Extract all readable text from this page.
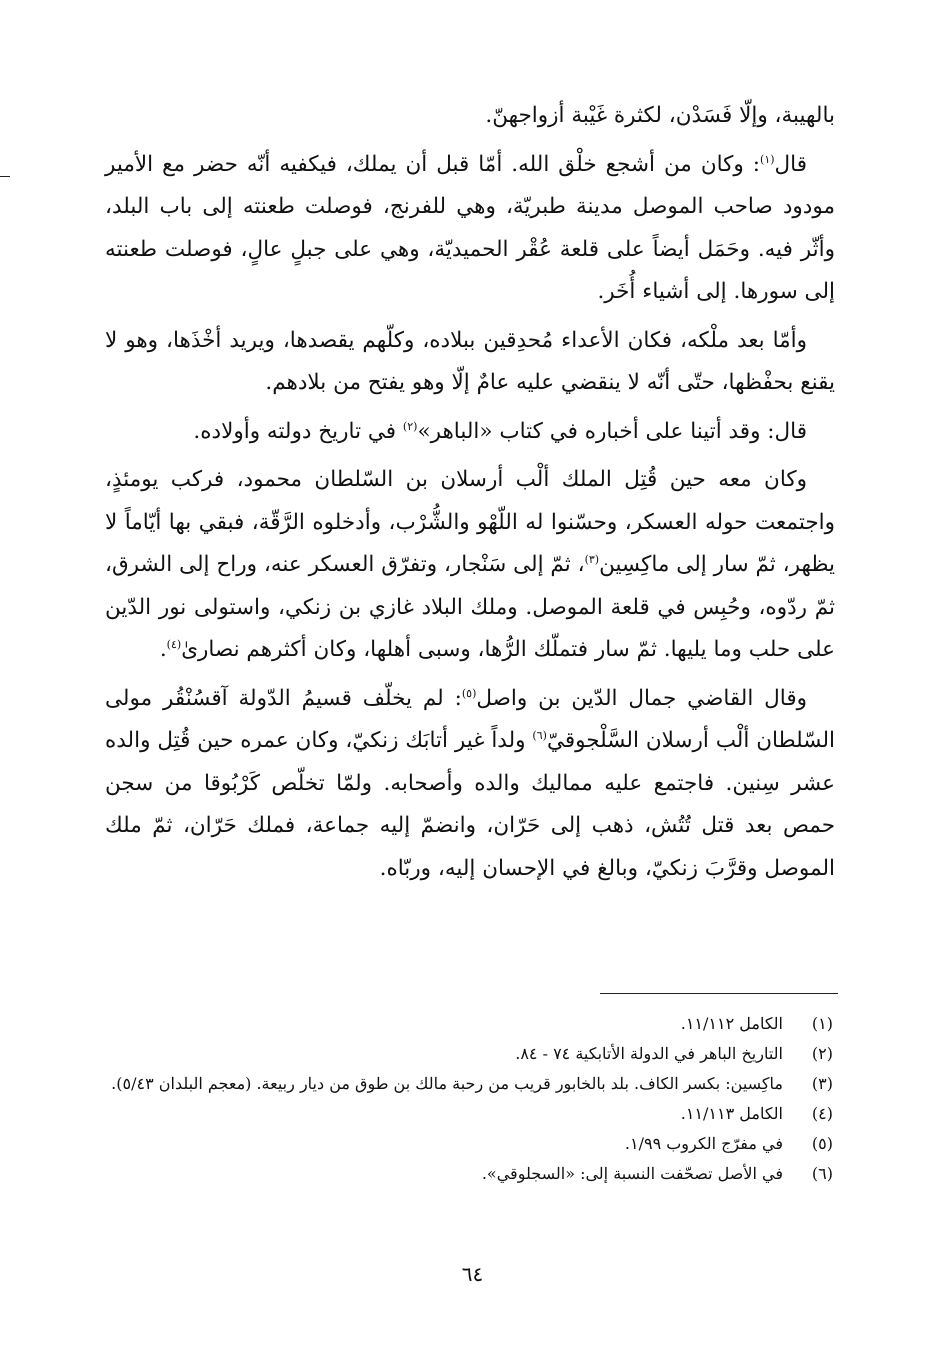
بالهيبة، وإلّا فَسَدْن، لكثرة غَيْبة أزواجهنّ.

قال$^{(١)}$: وكان من أشجع خلْق الله. أمّا قبل أن يملك، فيكفيه أنّه حضر مع الأمير مودود صاحب الموصل مدينة طبريّة، وهي للفرنج، فوصلت طعنته إلى باب البلد، وأثّر فيه. وحَمَل أيضاً على قلعة عُقْر الحميديّة، وهي على جبلٍ عالٍ، فوصلت طعنته إلى سورها. إلى أشياء أُخَر.

وأمّا بعد ملْكه، فكان الأعداء مُحدِقين ببلاده، وكلّهم يقصدها، ويريد أخْذَها، وهو لا يقنع بحفْظها، حتّى أنّه لا ينقضي عليه عامٌ إلّا وهو يفتح من بلادهم.

قال: وقد أتينا على أخباره في كتاب «الباهر»$^{(٢)}$ في تاريخ دولته وأولاده.

وكان معه حين قُتِل الملك ألْب أرسلان بن السّلطان محمود، فركب يومئذٍ، واجتمعت حوله العسكر، وحسّنوا له اللّهْو والشُّرْب، وأدخلوه الرَّقّة، فبقي بها أيّاماً لا يظهر، ثمّ سار إلى ماكِسِين$^{(٣)}$، ثمّ إلى سَنْجار، وتفرّق العسكر عنه، وراح إلى الشرق، ثمّ ردّوه، وحُبِس في قلعة الموصل. وملك البلاد غازي بن زنكي، واستولى نور الدّين على حلب وما يليها. ثمّ سار فتملّك الرُّها، وسبى أهلها، وكان أكثرهم نصارىٰ$^{(٤)}$.

وقال القاضي جمال الدّين بن واصل$^{(٥)}$: لم يخلّف قسيمُ الدّولة آقسُنْقُر مولى السّلطان ألْب أرسلان السَّلْجوقيّ$^{(٦)}$ ولداً غير أتابَك زنكيّ، وكان عمره حين قُتِل والده عشر سِنين. فاجتمع عليه مماليك والده وأصحابه. ولمّا تخلّص كَرْبُوقا من سجن حمص بعد قتل تُتُش، ذهب إلى حَرّان، وانضمّ إليه جماعة، فملك حَرّان، ثمّ ملك الموصل وقرَّبَ زنكيّ، وبالغ في الإحسان إليه، وربّاه.

(١)
الكامل ١١/١١٢.
(٢)
التاريخ الباهر في الدولة الأتابكية ٧٤ - ٨٤.
(٣)
ماكِسين: بكسر الكاف. بلد بالخابور قريب من رحبة مالك بن طوق من ديار ربيعة. (معجم البلدان ٥/٤٣).
(٤)
الكامل ١١/١١٣.
(٥)
في مفرّج الكروب ١/٩٩.
(٦)
في الأصل تصحّفت النسبة إلى: «السجلوقي».
٦٤
